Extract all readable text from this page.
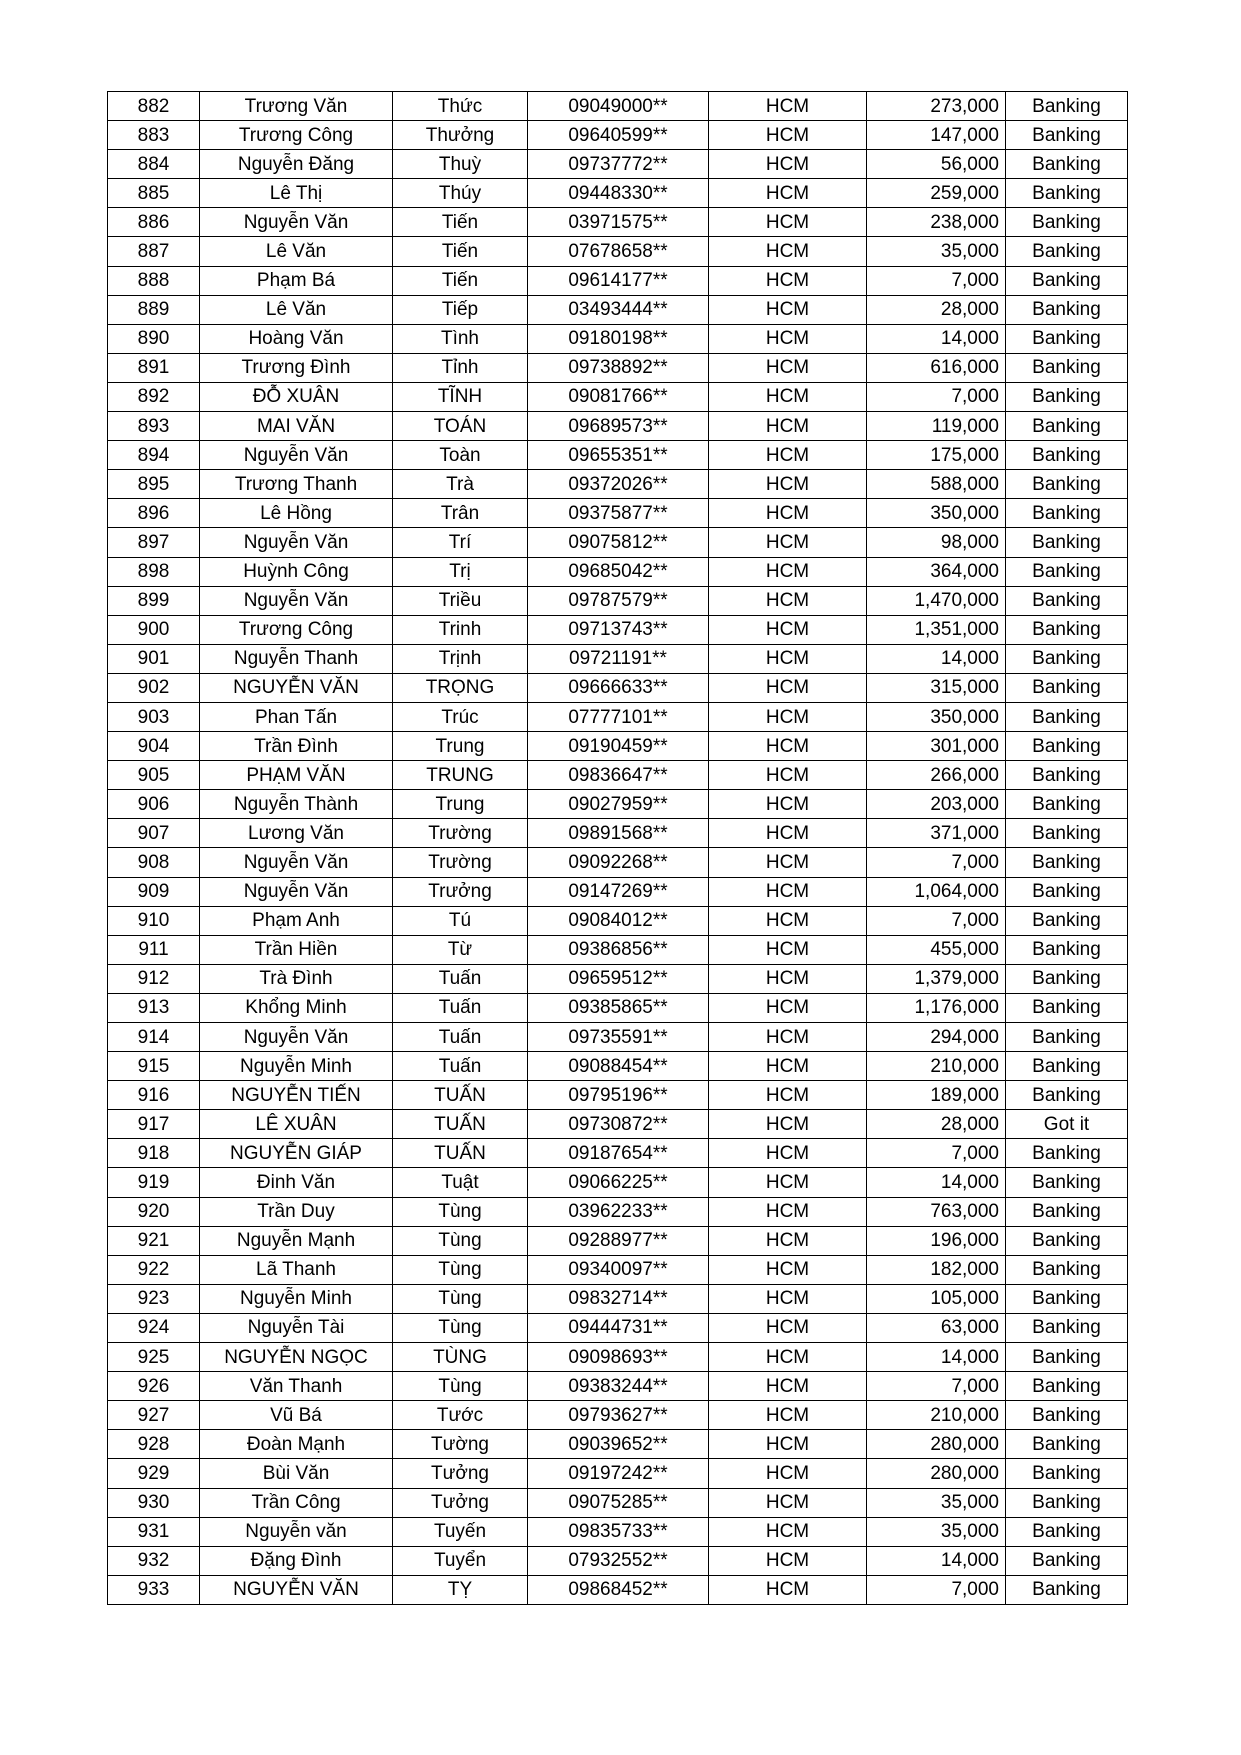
882	Trương Văn	Thức	09049000**	HCM	273,000	Banking
883	Trương Công	Thưởng	09640599**	HCM	147,000	Banking
884	Nguyễn Đăng	Thuỳ	09737772**	HCM	56,000	Banking
885	Lê Thị	Thúy	09448330**	HCM	259,000	Banking
886	Nguyễn Văn	Tiến	03971575**	HCM	238,000	Banking
887	Lê Văn	Tiến	07678658**	HCM	35,000	Banking
888	Phạm Bá	Tiến	09614177**	HCM	7,000	Banking
889	Lê Văn	Tiếp	03493444**	HCM	28,000	Banking
890	Hoàng Văn	Tình	09180198**	HCM	14,000	Banking
891	Trương Đình	Tỉnh	09738892**	HCM	616,000	Banking
892	ĐỖ XUÂN	TĨNH	09081766**	HCM	7,000	Banking
893	MAI VĂN	TOÁN	09689573**	HCM	119,000	Banking
894	Nguyễn Văn	Toàn	09655351**	HCM	175,000	Banking
895	Trương Thanh	Trà	09372026**	HCM	588,000	Banking
896	Lê Hồng	Trân	09375877**	HCM	350,000	Banking
897	Nguyễn Văn	Trí	09075812**	HCM	98,000	Banking
898	Huỳnh Công	Trị	09685042**	HCM	364,000	Banking
899	Nguyễn Văn	Triều	09787579**	HCM	1,470,000	Banking
900	Trương Công	Trinh	09713743**	HCM	1,351,000	Banking
901	Nguyễn Thanh	Trịnh	09721191**	HCM	14,000	Banking
902	NGUYỄN VĂN	TRỌNG	09666633**	HCM	315,000	Banking
903	Phan Tấn	Trúc	07777101**	HCM	350,000	Banking
904	Trần Đình	Trung	09190459**	HCM	301,000	Banking
905	PHẠM VĂN	TRUNG	09836647**	HCM	266,000	Banking
906	Nguyễn Thành	Trung	09027959**	HCM	203,000	Banking
907	Lương Văn	Trường	09891568**	HCM	371,000	Banking
908	Nguyễn Văn	Trường	09092268**	HCM	7,000	Banking
909	Nguyễn Văn	Trưởng	09147269**	HCM	1,064,000	Banking
910	Phạm Anh	Tú	09084012**	HCM	7,000	Banking
911	Trần Hiền	Từ	09386856**	HCM	455,000	Banking
912	Trà Đình	Tuấn	09659512**	HCM	1,379,000	Banking
913	Khổng Minh	Tuấn	09385865**	HCM	1,176,000	Banking
914	Nguyễn Văn	Tuấn	09735591**	HCM	294,000	Banking
915	Nguyễn Minh	Tuấn	09088454**	HCM	210,000	Banking
916	NGUYỄN TIẾN	TUẤN	09795196**	HCM	189,000	Banking
917	LÊ XUÂN	TUẤN	09730872**	HCM	28,000	Got it
918	NGUYỄN GIÁP	TUẤN	09187654**	HCM	7,000	Banking
919	Đinh Văn	Tuật	09066225**	HCM	14,000	Banking
920	Trần Duy	Tùng	03962233**	HCM	763,000	Banking
921	Nguyễn Mạnh	Tùng	09288977**	HCM	196,000	Banking
922	Lã Thanh	Tùng	09340097**	HCM	182,000	Banking
923	Nguyễn Minh	Tùng	09832714**	HCM	105,000	Banking
924	Nguyễn Tài	Tùng	09444731**	HCM	63,000	Banking
925	NGUYỄN NGỌC	TÙNG	09098693**	HCM	14,000	Banking
926	Văn Thanh	Tùng	09383244**	HCM	7,000	Banking
927	Vũ Bá	Tước	09793627**	HCM	210,000	Banking
928	Đoàn Mạnh	Tường	09039652**	HCM	280,000	Banking
929	Bùi Văn	Tưởng	09197242**	HCM	280,000	Banking
930	Trần Công	Tưởng	09075285**	HCM	35,000	Banking
931	Nguyễn văn	Tuyến	09835733**	HCM	35,000	Banking
932	Đặng Đình	Tuyển	07932552**	HCM	14,000	Banking
933	NGUYỄN VĂN	TỴ	09868452**	HCM	7,000	Banking
